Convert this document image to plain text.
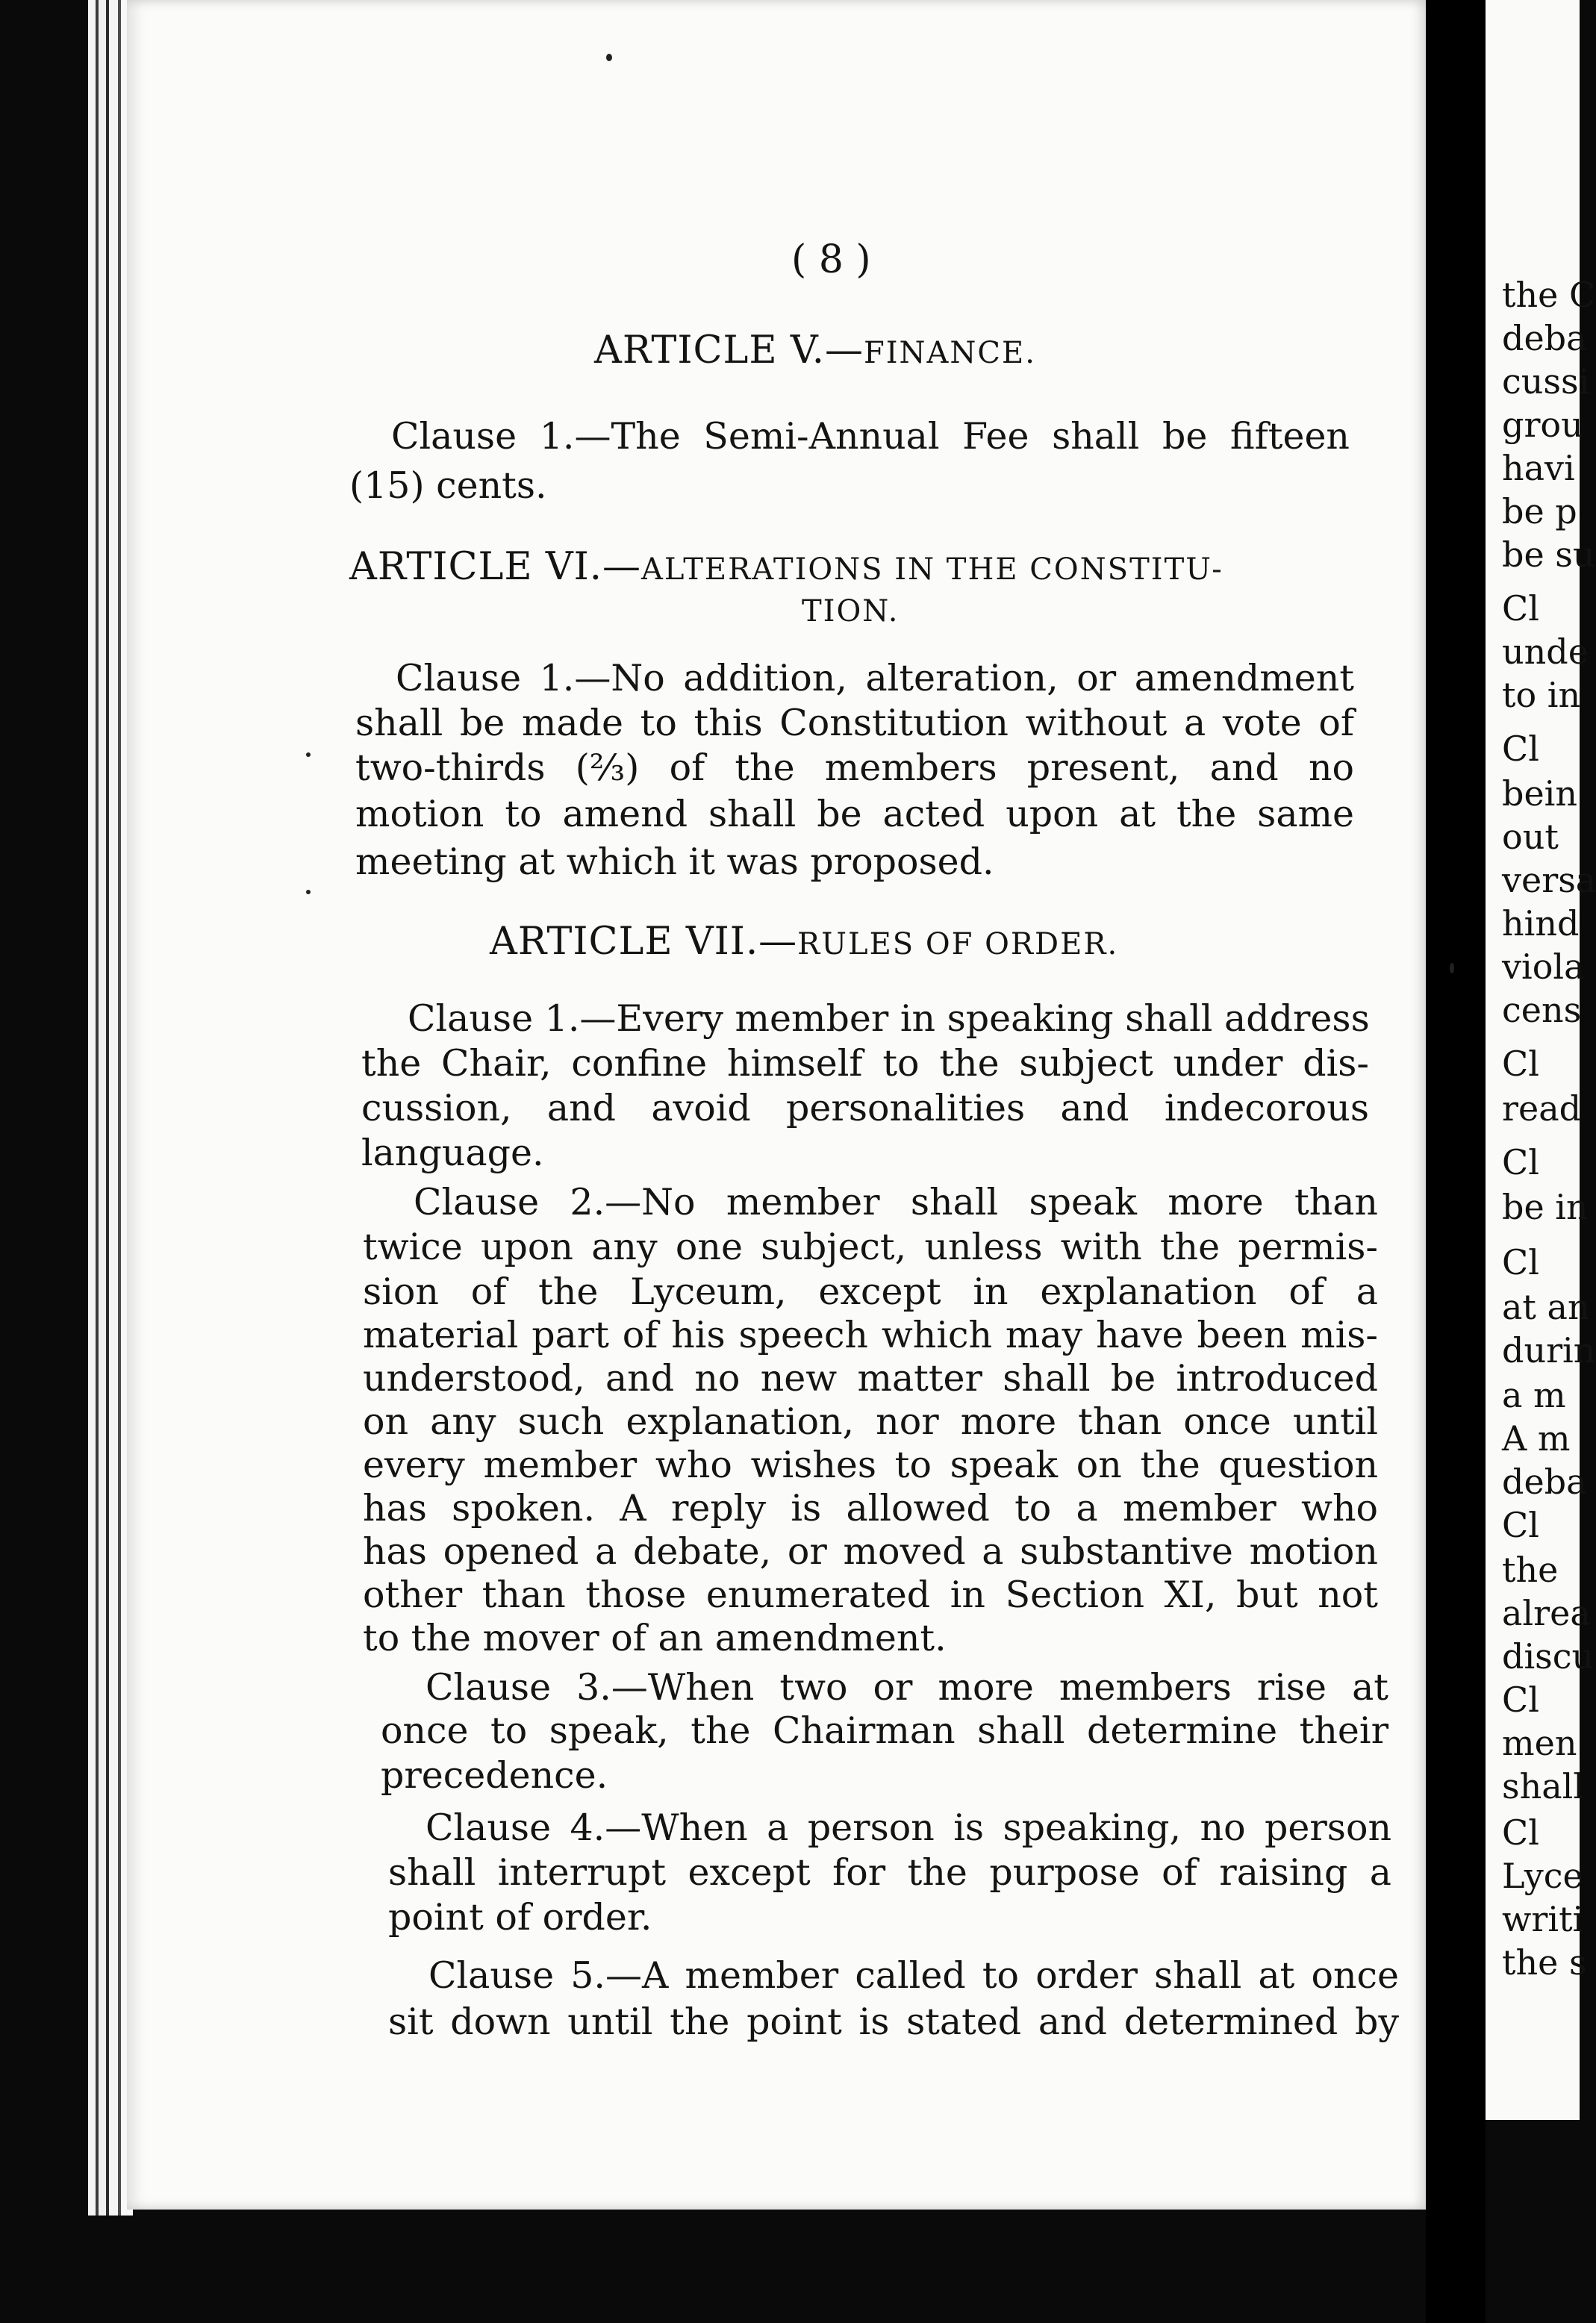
the C
deba
cussi
grou
havi
be p
be su
Cl
unde
to in
Cl
bein
out
versa
hind
viola
cens
Cl
read
Cl
be in
Cl
at an
durin
a m
A m
deba
Cl
the
alrea
discu
Cl
men
shall
Cl
Lyce
writi
the s
( 8 )
ARTICLE V.—FINANCE.
Clause 1.—The Semi-Annual Fee shall be fifteen
(15) cents.
ARTICLE VI.—ALTERATIONS IN THE CONSTITU-
TION.
Clause 1.—No addition, alteration, or amendment
shall be made to this Constitution without a vote of
two-thirds (⅔) of the members present, and no
motion to amend shall be acted upon at the same
meeting at which it was proposed.
ARTICLE VII.—RULES OF ORDER.
Clause 1.—Every member in speaking shall address
the Chair, confine himself to the subject under dis-
cussion, and avoid personalities and indecorous
language.
Clause 2.—No member shall speak more than
twice upon any one subject, unless with the permis-
sion of the Lyceum, except in explanation of a
material part of his speech which may have been mis-
understood, and no new matter shall be introduced
on any such explanation, nor more than once until
every member who wishes to speak on the question
has spoken. A reply is allowed to a member who
has opened a debate, or moved a substantive motion
other than those enumerated in Section XI, but not
to the mover of an amendment.
Clause 3.—When two or more members rise at
once to speak, the Chairman shall determine their
precedence.
Clause 4.—When a person is speaking, no person
shall interrupt except for the purpose of raising a
point of order.
Clause 5.—A member called to order shall at once
sit down until the point is stated and determined by
